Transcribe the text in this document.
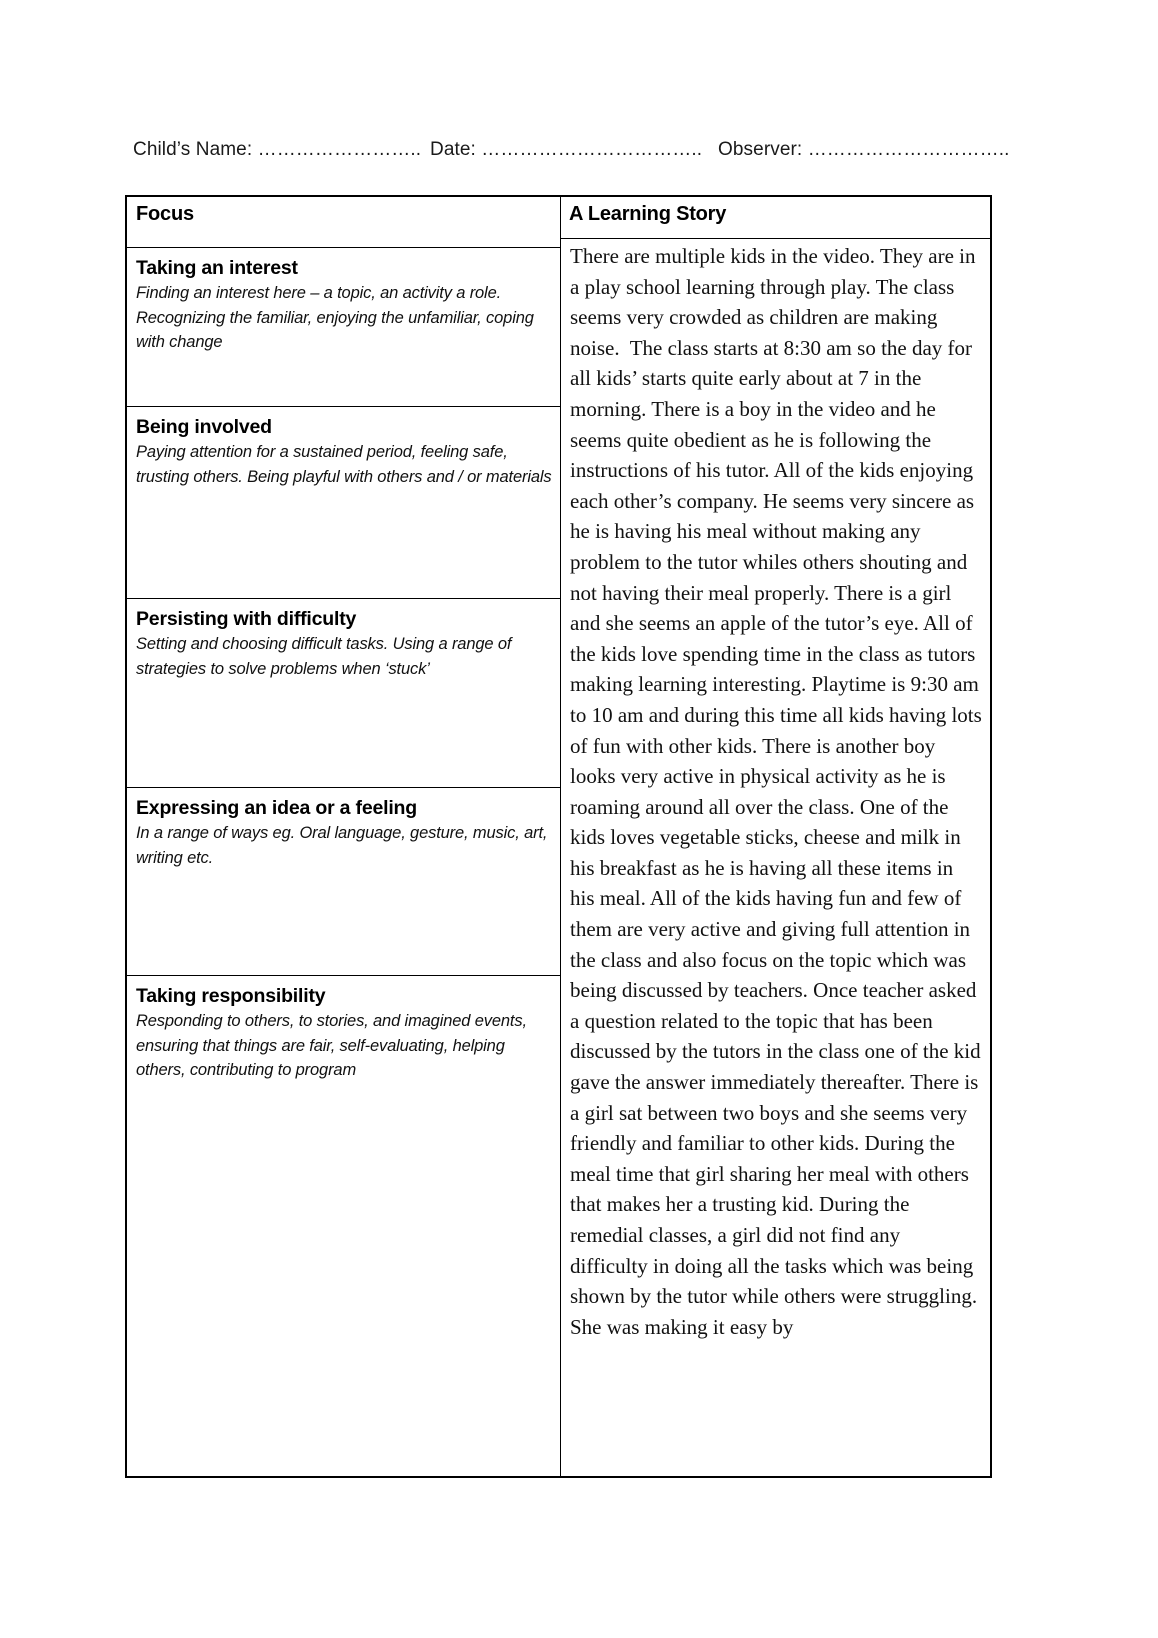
Child’s Name: …………………….. Date: …………………………….. Observer: …………………………..
Focus
Taking an interest
Finding an interest here – a topic, an activity a role. Recognizing the familiar, enjoying the unfamiliar, coping with change
Being involved
Paying attention for a sustained period, feeling safe, trusting others. Being playful with others and / or materials
Persisting with difficulty
Setting and choosing difficult tasks. Using a range of strategies to solve problems when ‘stuck’
Expressing an idea or a feeling
In a range of ways eg. Oral language, gesture, music, art, writing etc.
Taking responsibility
Responding to others, to stories, and imagined events, ensuring that things are fair, self-evaluating, helping others, contributing to program
A Learning Story
There are multiple kids in the video. They are in a play school learning through play. The class seems very crowded as children are making noise.  The class starts at 8:30 am so the day for all kids’ starts quite early about at 7 in the morning. There is a boy in the video and he seems quite obedient as he is following the instructions of his tutor. All of the kids enjoying each other’s company. He seems very sincere as he is having his meal without making any problem to the tutor whiles others shouting and not having their meal properly. There is a girl and she seems an apple of the tutor’s eye. All of the kids love spending time in the class as tutors making learning interesting. Playtime is 9:30 am to 10 am and during this time all kids having lots of fun with other kids. There is another boy looks very active in physical activity as he is roaming around all over the class. One of the kids loves vegetable sticks, cheese and milk in his breakfast as he is having all these items in his meal. All of the kids having fun and few of them are very active and giving full attention in the class and also focus on the topic which was being discussed by teachers. Once teacher asked a question related to the topic that has been discussed by the tutors in the class one of the kid gave the answer immediately thereafter. There is a girl sat between two boys and she seems very friendly and familiar to other kids. During the meal time that girl sharing her meal with others that makes her a trusting kid. During the remedial classes, a girl did not find any difficulty in doing all the tasks which was being shown by the tutor while others were struggling. She was making it easy by
